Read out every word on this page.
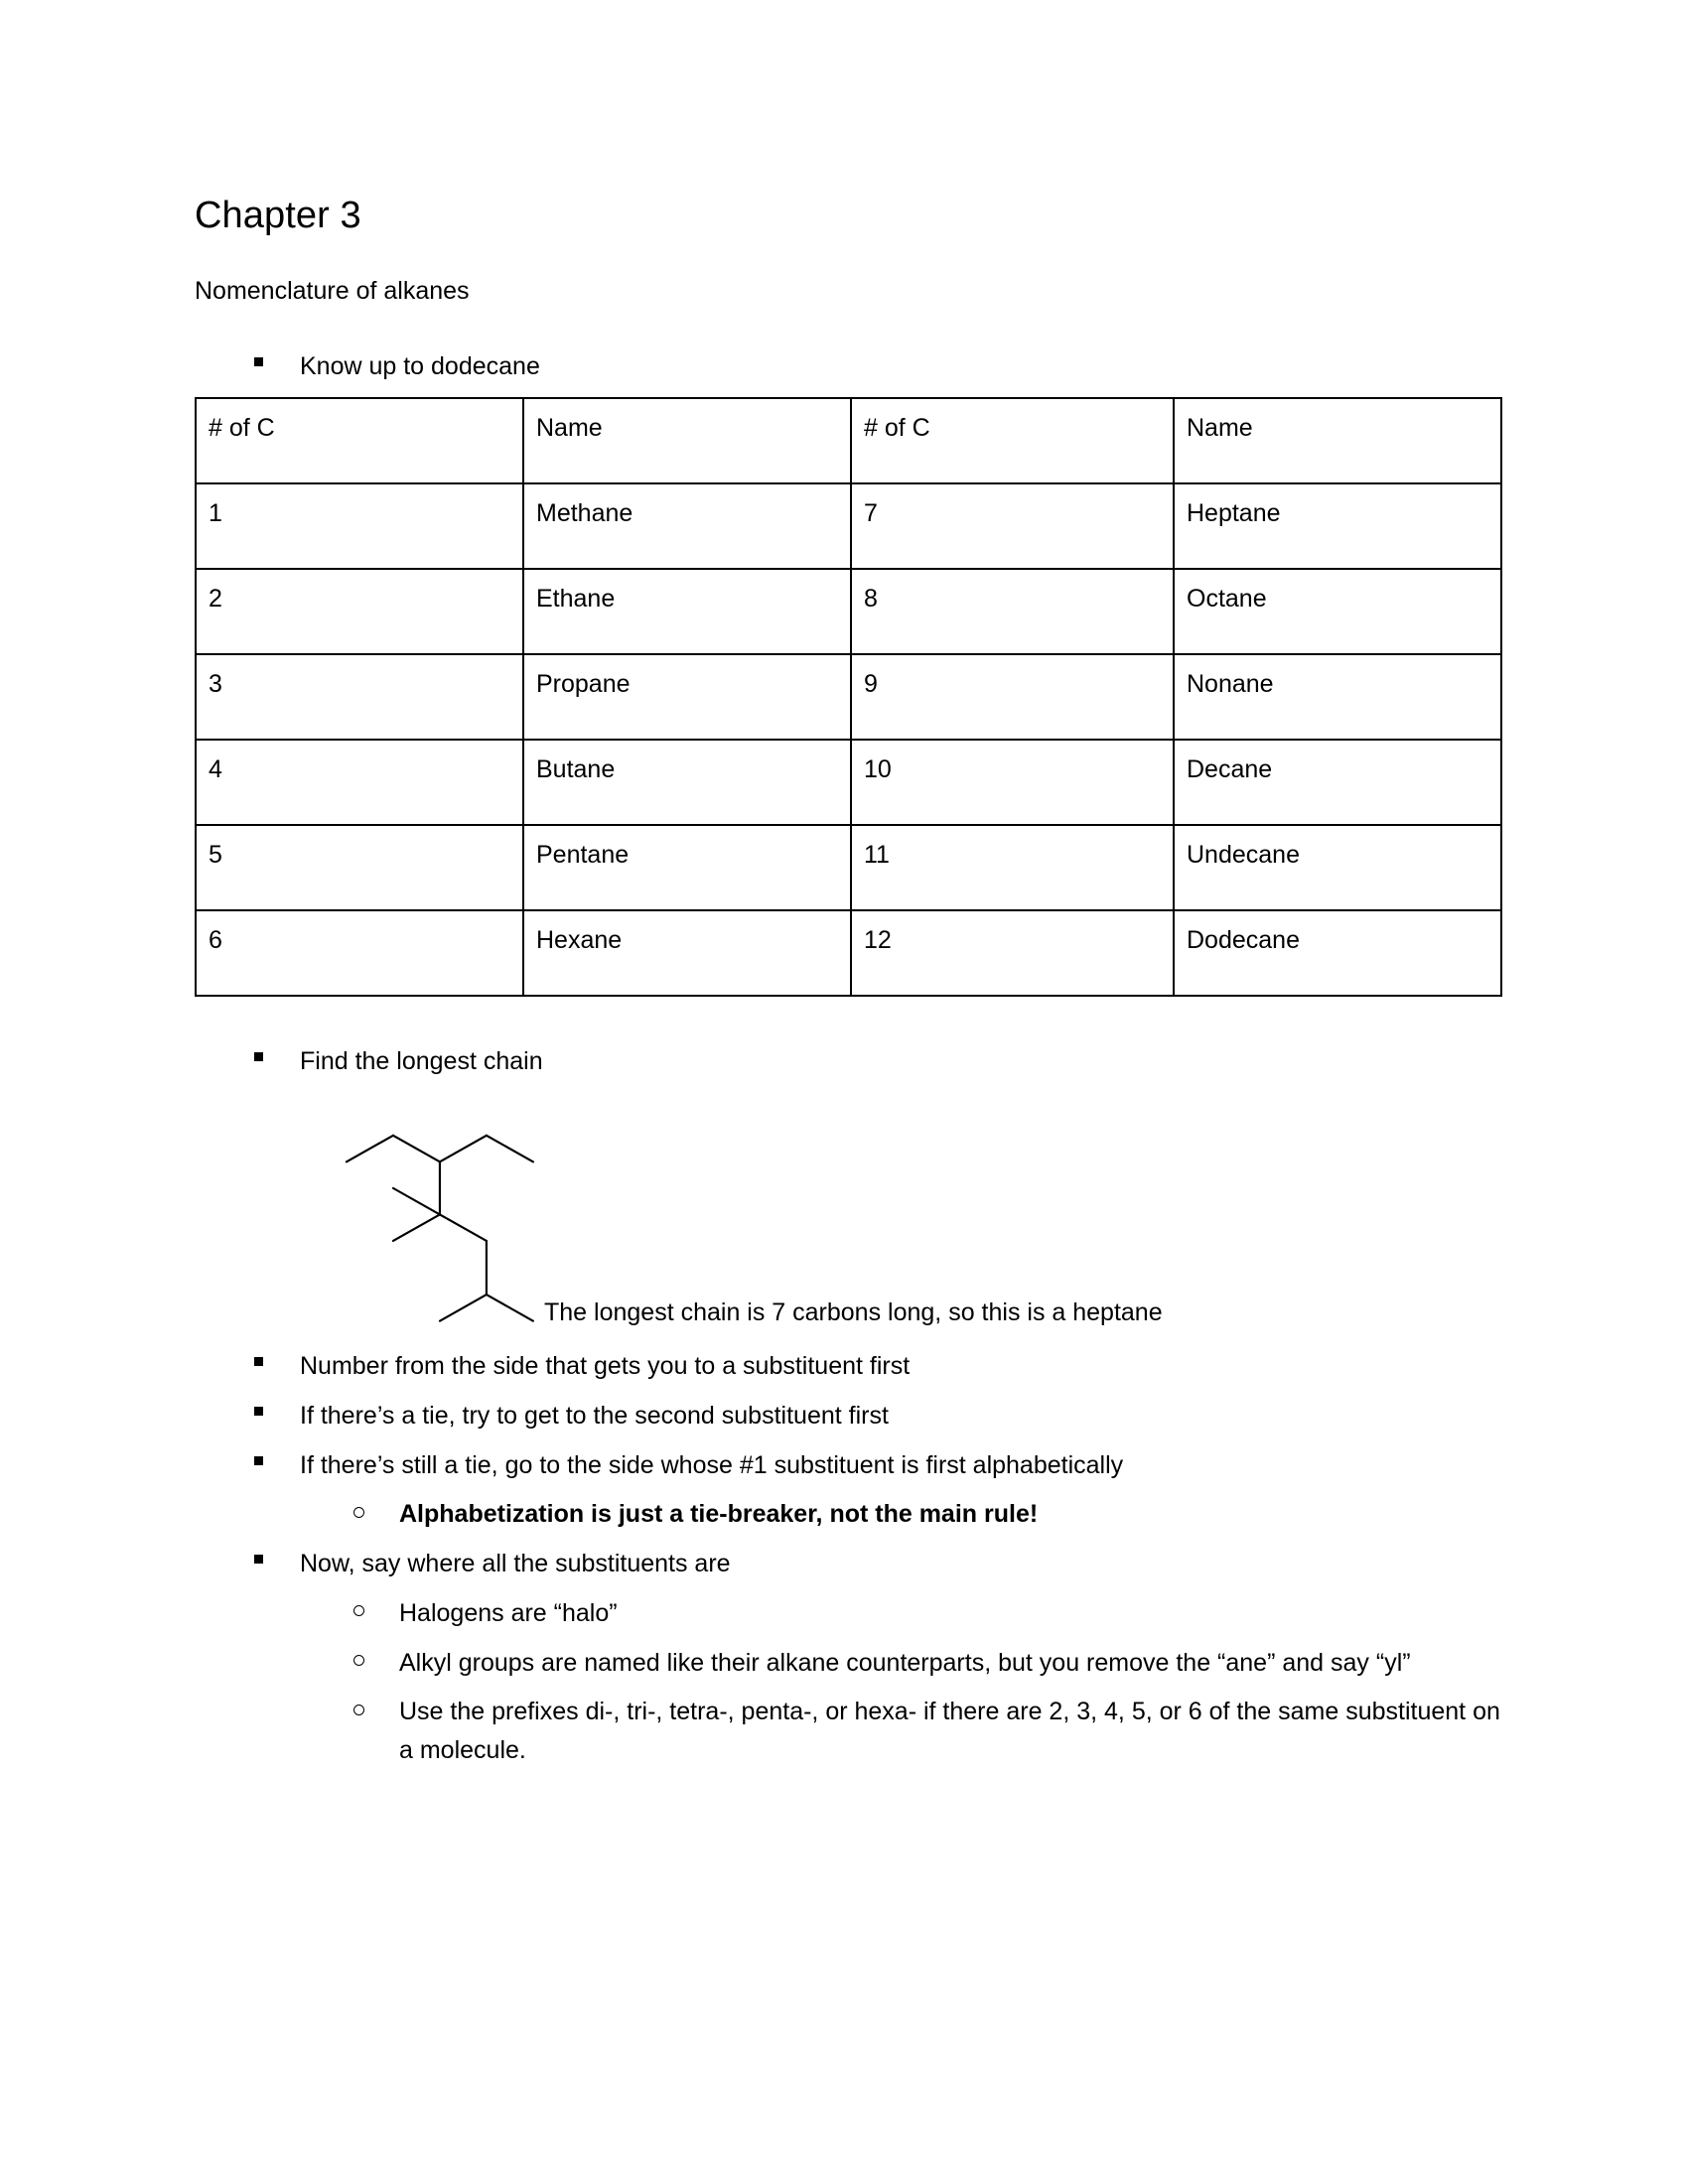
Chapter 3

Nomenclature of alkanes

Know up to dodecane
# of C	Name	# of C	Name
1	Methane	7	Heptane
2	Ethane	8	Octane
3	Propane	9	Nonane
4	Butane	10	Decane
5	Pentane	11	Undecane
6	Hexane	12	Dodecane
Find the longest chain
The longest chain is 7 carbons long, so this is a heptane
Number from the side that gets you to a substituent first
If there’s a tie, try to get to the second substituent first
If there’s still a tie, go to the side whose #1 substituent is first alphabetically
Alphabetization is just a tie-breaker, not the main rule!
Now, say where all the substituents are
Halogens are “halo”
Alkyl groups are named like their alkane counterparts, but you remove the “ane” and say “yl”
Use the prefixes di-, tri-, tetra-, penta-, or hexa- if there are 2, 3, 4, 5, or 6 of the same substituent on a molecule.
